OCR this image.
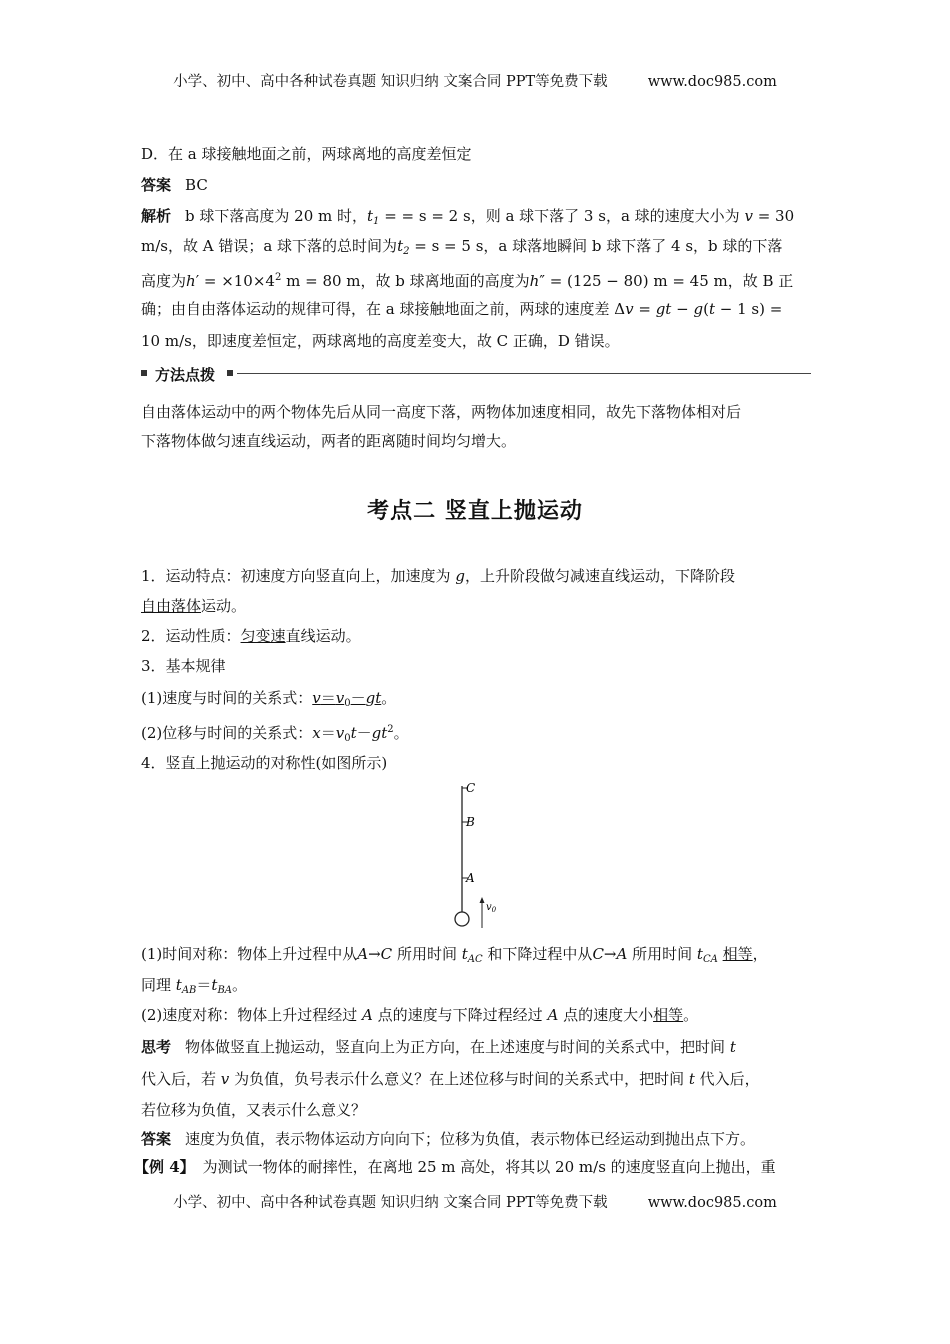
小学、初中、高中各种试卷真题 知识归纳 文案合同 PPT等免费下载	www.doc985.com
D．在 a 球接触地面之前，两球离地的高度差恒定
答案 BC
解析 b 球下落高度为 20 m 时，$t_1$ = = s = 2 s，则 a 球下落了 3 s，a 球的速度大小为 v = 30
m/s，故 A 错误；a 球下落的总时间为$t_2 = s = 5$ s，a 球落地瞬间 b 球下落了 4 s，b 球的下落
高度为$h' = \times 10\times 4^2$ m = 80 m，故 b 球离地面的高度为h″ = (125 − 80) m = 45 m，故 B 正
确；由自由落体运动的规律可得，在 a 球接触地面之前，两球的速度差 Δv = gt − g(t − 1 s) =
10 m/s，即速度差恒定，两球离地的高度差变大，故 C 正确，D 错误。
方法点拨
自由落体运动中的两个物体先后从同一高度下落，两物体加速度相同，故先下落物体相对后
下落物体做匀速直线运动，两者的距离随时间均匀增大。
考点二 竖直上抛运动
1．运动特点：初速度方向竖直向上，加速度为 g，上升阶段做匀减速直线运动，下降阶段
自由落体运动。
2．运动性质：匀变速直线运动。
3．基本规律
(1)速度与时间的关系式：$v=v_0-gt$。
(2)位移与时间的关系式：$x=v_0t-gt^2$。
4．竖直上抛运动的对称性(如图所示)
C
B
A
$v_0$
(1)时间对称：物体上升过程中从A→C 所用时间 $t_{AC}$ 和下降过程中从C→A 所用时间 $t_{CA}$ 相等，
同理 $t_{AB}=t_{BA}$。
(2)速度对称：物体上升过程经过 A 点的速度与下降过程经过 A 点的速度大小相等。
思考 物体做竖直上抛运动，竖直向上为正方向，在上述速度与时间的关系式中，把时间 t
代入后，若 v 为负值，负号表示什么意义？在上述位移与时间的关系式中，把时间 t 代入后，
若位移为负值，又表示什么意义？
答案 速度为负值，表示物体运动方向向下；位移为负值，表示物体已经运动到抛出点下方。
【例 4】 为测试一物体的耐摔性，在离地 25 m 高处，将其以 20 m/s 的速度竖直向上抛出，重
小学、初中、高中各种试卷真题 知识归纳 文案合同 PPT等免费下载	www.doc985.com
